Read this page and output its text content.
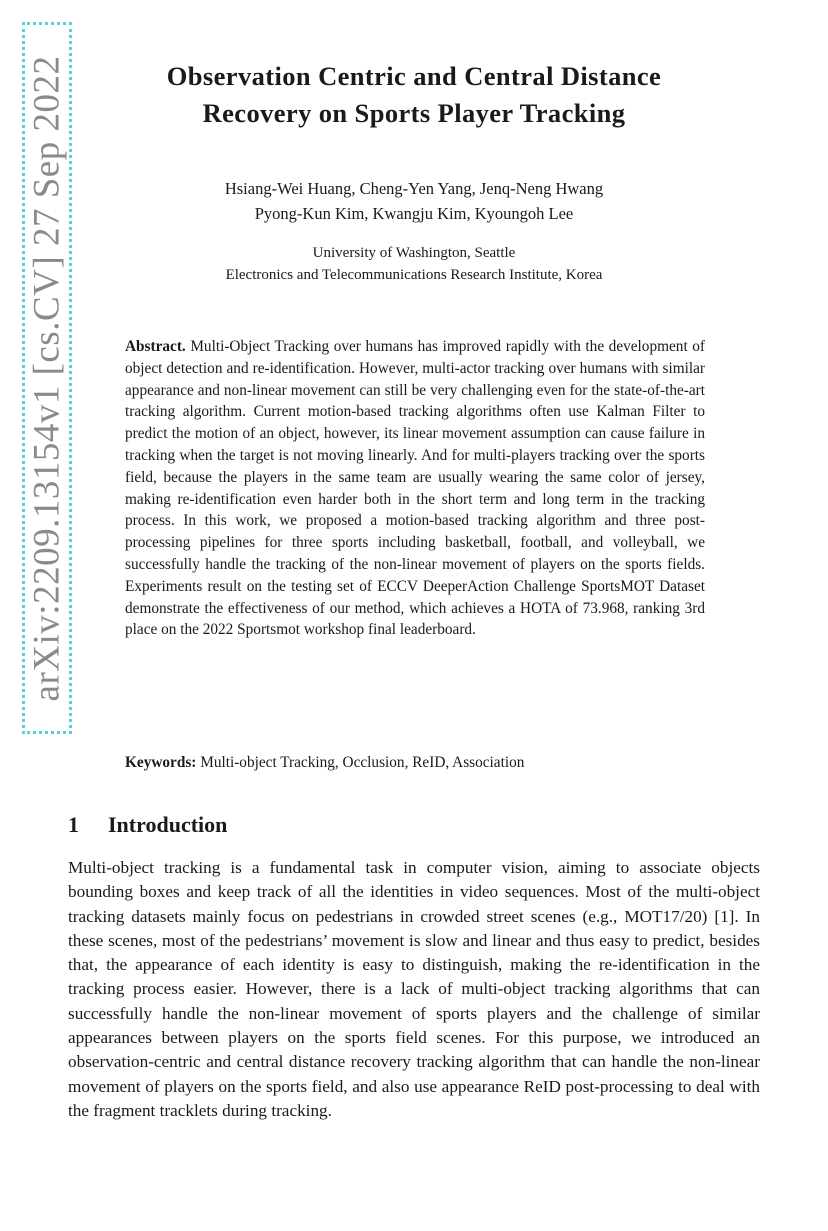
arXiv:2209.13154v1 [cs.CV] 27 Sep 2022	Observation Centric and Central Distance
Recovery on Sports Player Tracking
Hsiang-Wei Huang, Cheng-Yen Yang, Jenq-Neng Hwang
Pyong-Kun Kim, Kwangju Kim, Kyoungoh Lee
University of Washington, Seattle
Electronics and Telecommunications Research Institute, Korea
Abstract. Multi-Object Tracking over humans has improved rapidly with the development of object detection and re-identification. However, multi-actor tracking over humans with similar appearance and non-linear movement can still be very challenging even for the state-of-the-art tracking algorithm. Current motion-based tracking algorithms often use Kalman Filter to predict the motion of an object, however, its linear movement assumption can cause failure in tracking when the target is not moving linearly. And for multi-players tracking over the sports field, because the players in the same team are usually wearing the same color of jersey, making re-identification even harder both in the short term and long term in the tracking process. In this work, we proposed a motion-based tracking algorithm and three post-processing pipelines for three sports including basketball, football, and volleyball, we successfully handle the tracking of the non-linear movement of players on the sports fields. Experiments result on the testing set of ECCV DeeperAction Challenge SportsMOT Dataset demonstrate the effectiveness of our method, which achieves a HOTA of 73.968, ranking 3rd place on the 2022 Sportsmot workshop final leaderboard.
Keywords: Multi-object Tracking, Occlusion, ReID, Association
1 Introduction
Multi-object tracking is a fundamental task in computer vision, aiming to associate objects bounding boxes and keep track of all the identities in video sequences. Most of the multi-object tracking datasets mainly focus on pedestrians in crowded street scenes (e.g., MOT17/20) [1]. In these scenes, most of the pedestrians’ movement is slow and linear and thus easy to predict, besides that, the appearance of each identity is easy to distinguish, making the re-identification in the tracking process easier. However, there is a lack of multi-object tracking algorithms that can successfully handle the non-linear movement of sports players and the challenge of similar appearances between players on the sports field scenes. For this purpose, we introduced an observation-centric and central distance recovery tracking algorithm that can handle the non-linear movement of players on the sports field, and also use appearance ReID post-processing to deal with the fragment tracklets during tracking.
